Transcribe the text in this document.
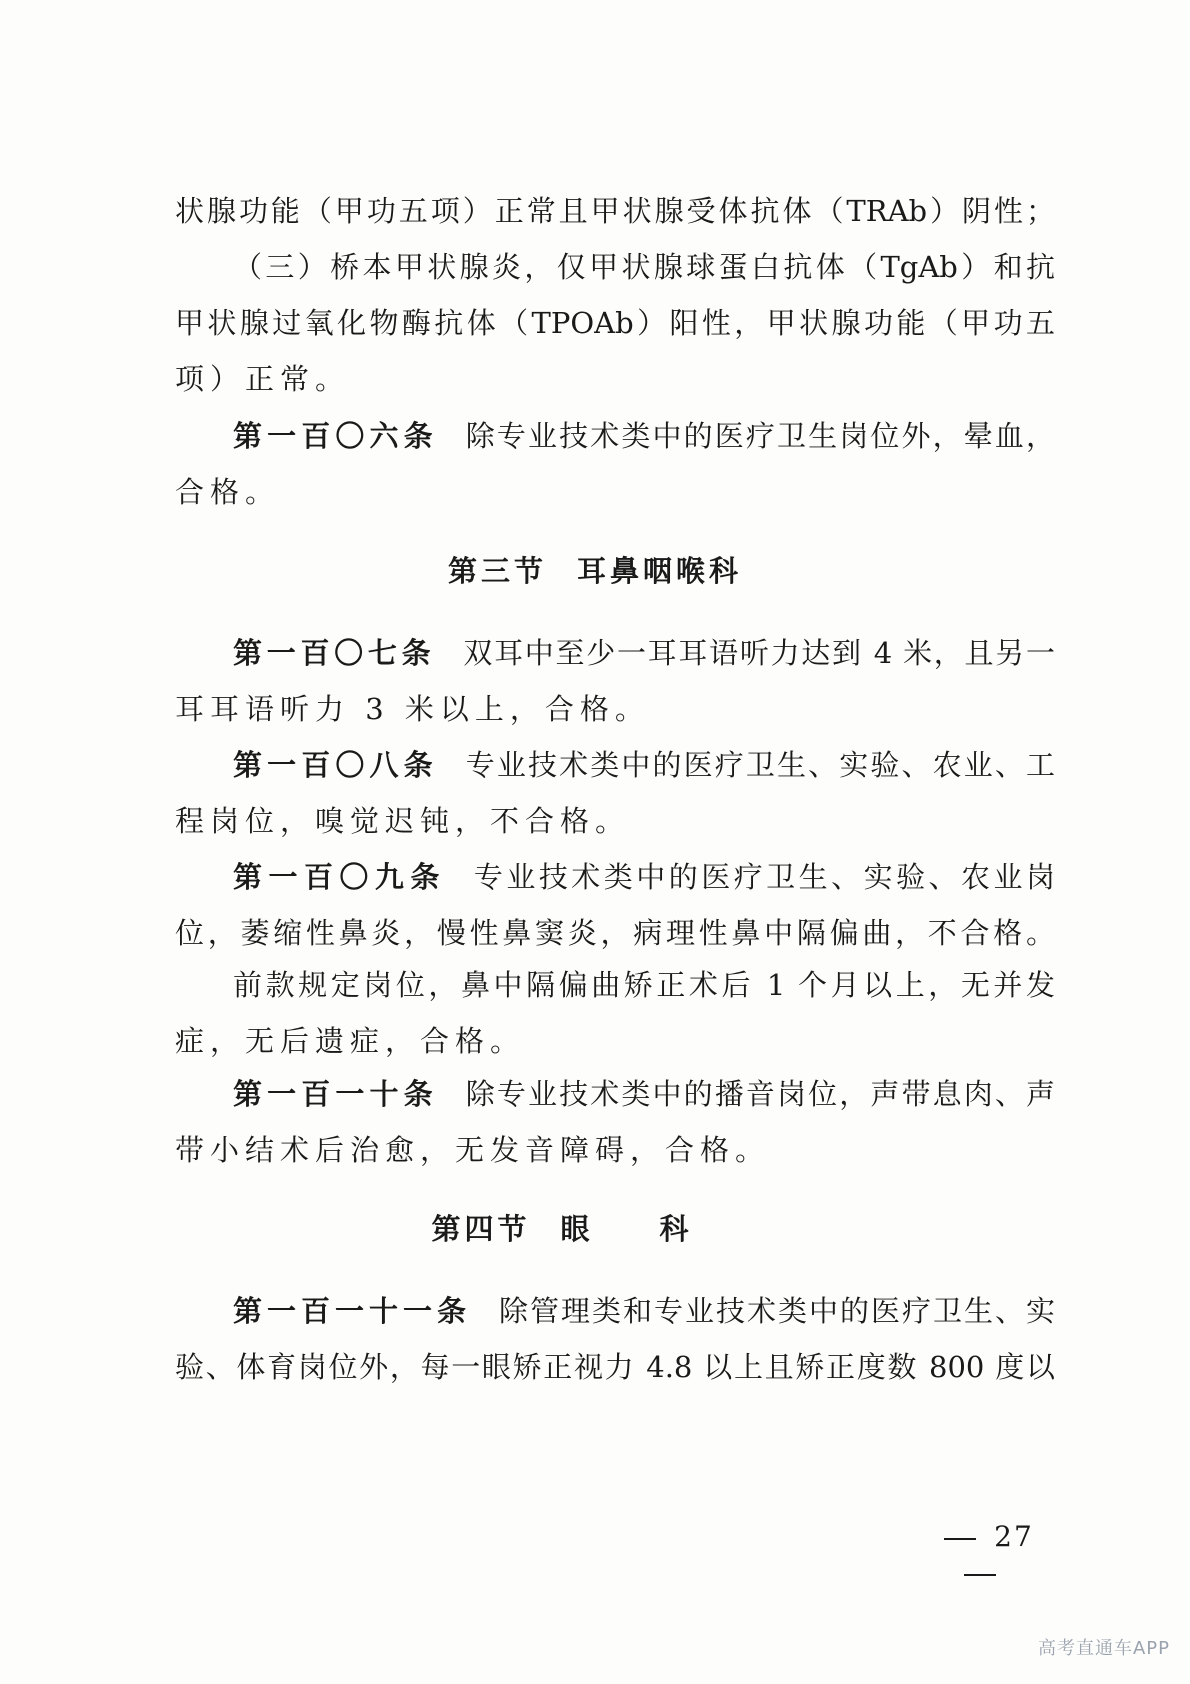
状腺功能（甲功五项）正常且甲状腺受体抗体（TRAb）阴性；
（三）桥本甲状腺炎，仅甲状腺球蛋白抗体（TgAb）和抗
甲状腺过氧化物酶抗体（TPOAb）阳性，甲状腺功能（甲功五
项）正常。
第一百〇六条 除专业技术类中的医疗卫生岗位外，晕血，
合格。
第三节 耳鼻咽喉科
第一百〇七条 双耳中至少一耳耳语听力达到 4 米，且另一
耳耳语听力 3 米以上，合格。
第一百〇八条 专业技术类中的医疗卫生、实验、农业、工
程岗位，嗅觉迟钝，不合格。
第一百〇九条 专业技术类中的医疗卫生、实验、农业岗
位，萎缩性鼻炎，慢性鼻窦炎，病理性鼻中隔偏曲，不合格。
前款规定岗位，鼻中隔偏曲矫正术后 1 个月以上，无并发
症，无后遗症，合格。
第一百一十条 除专业技术类中的播音岗位，声带息肉、声
带小结术后治愈，无发音障碍，合格。
第四节 眼科
第一百一十一条 除管理类和专业技术类中的医疗卫生、实
验、体育岗位外，每一眼矫正视力 4.8 以上且矫正度数 800 度以
27
高考直通车APP
